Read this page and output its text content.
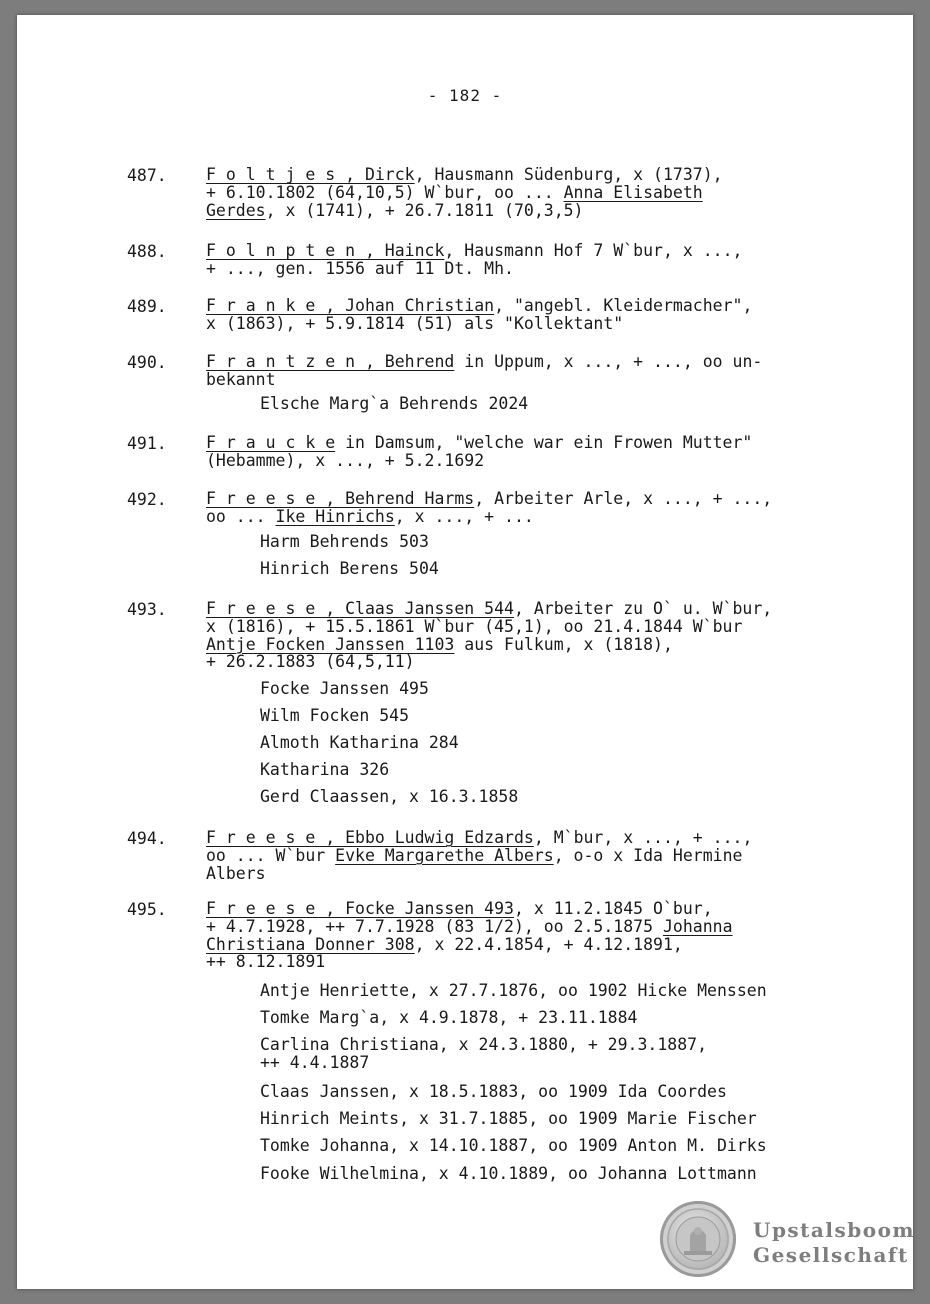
- 182 -
487. F o l t j e s , Dirck, Hausmann Südenburg, x (1737),
+ 6.10.1802 (64,10,5) W`bur, oo ... Anna Elisabeth
Gerdes, x (1741), + 26.7.1811 (70,3,5)
488. F o l n p t e n , Hainck, Hausmann Hof 7 W`bur, x ...,
+ ..., gen. 1556 auf 11 Dt. Mh.
489. F r a n k e , Johan Christian, "angebl. Kleidermacher",
x (1863), + 5.9.1814 (51) als "Kollektant"
490. F r a n t z e n , Behrend in Uppum, x ..., + ..., oo un-
bekannt
Elsche Marg`a Behrends 2024
491. F r a u c k e in Damsum, "welche war ein Frowen Mutter"
(Hebamme), x ..., + 5.2.1692
492. F r e e s e , Behrend Harms, Arbeiter Arle, x ..., + ...,
oo ... Ike Hinrichs, x ..., + ...
Harm Behrends 503
Hinrich Berens 504
493. F r e e s e , Claas Janssen 544, Arbeiter zu O` u. W`bur,
x (1816), + 15.5.1861 W`bur (45,1), oo 21.4.1844 W`bur
Antje Focken Janssen 1103 aus Fulkum, x (1818),
+ 26.2.1883 (64,5,11)
Focke Janssen 495
Wilm Focken 545
Almoth Katharina 284
Katharina 326
Gerd Claassen, x 16.3.1858
494. F r e e s e , Ebbo Ludwig Edzards, M`bur, x ..., + ...,
oo ... W`bur Evke Margarethe Albers, o-o x Ida Hermine
Albers
495. F r e e s e , Focke Janssen 493, x 11.2.1845 O`bur,
+ 4.7.1928, ++ 7.7.1928 (83 1/2), oo 2.5.1875 Johanna
Christiana Donner 308, x 22.4.1854, + 4.12.1891,
++ 8.12.1891
Antje Henriette, x 27.7.1876, oo 1902 Hicke Menssen
Tomke Marg`a, x 4.9.1878, + 23.11.1884
Carlina Christiana, x 24.3.1880, + 29.3.1887,
++ 4.4.1887
Claas Janssen, x 18.5.1883, oo 1909 Ida Coordes
Hinrich Meints, x 31.7.1885, oo 1909 Marie Fischer
Tomke Johanna, x 14.10.1887, oo 1909 Anton M. Dirks
Fooke Wilhelmina, x 4.10.1889, oo Johanna Lottmann
Upstalsboom
Gesellschaft
